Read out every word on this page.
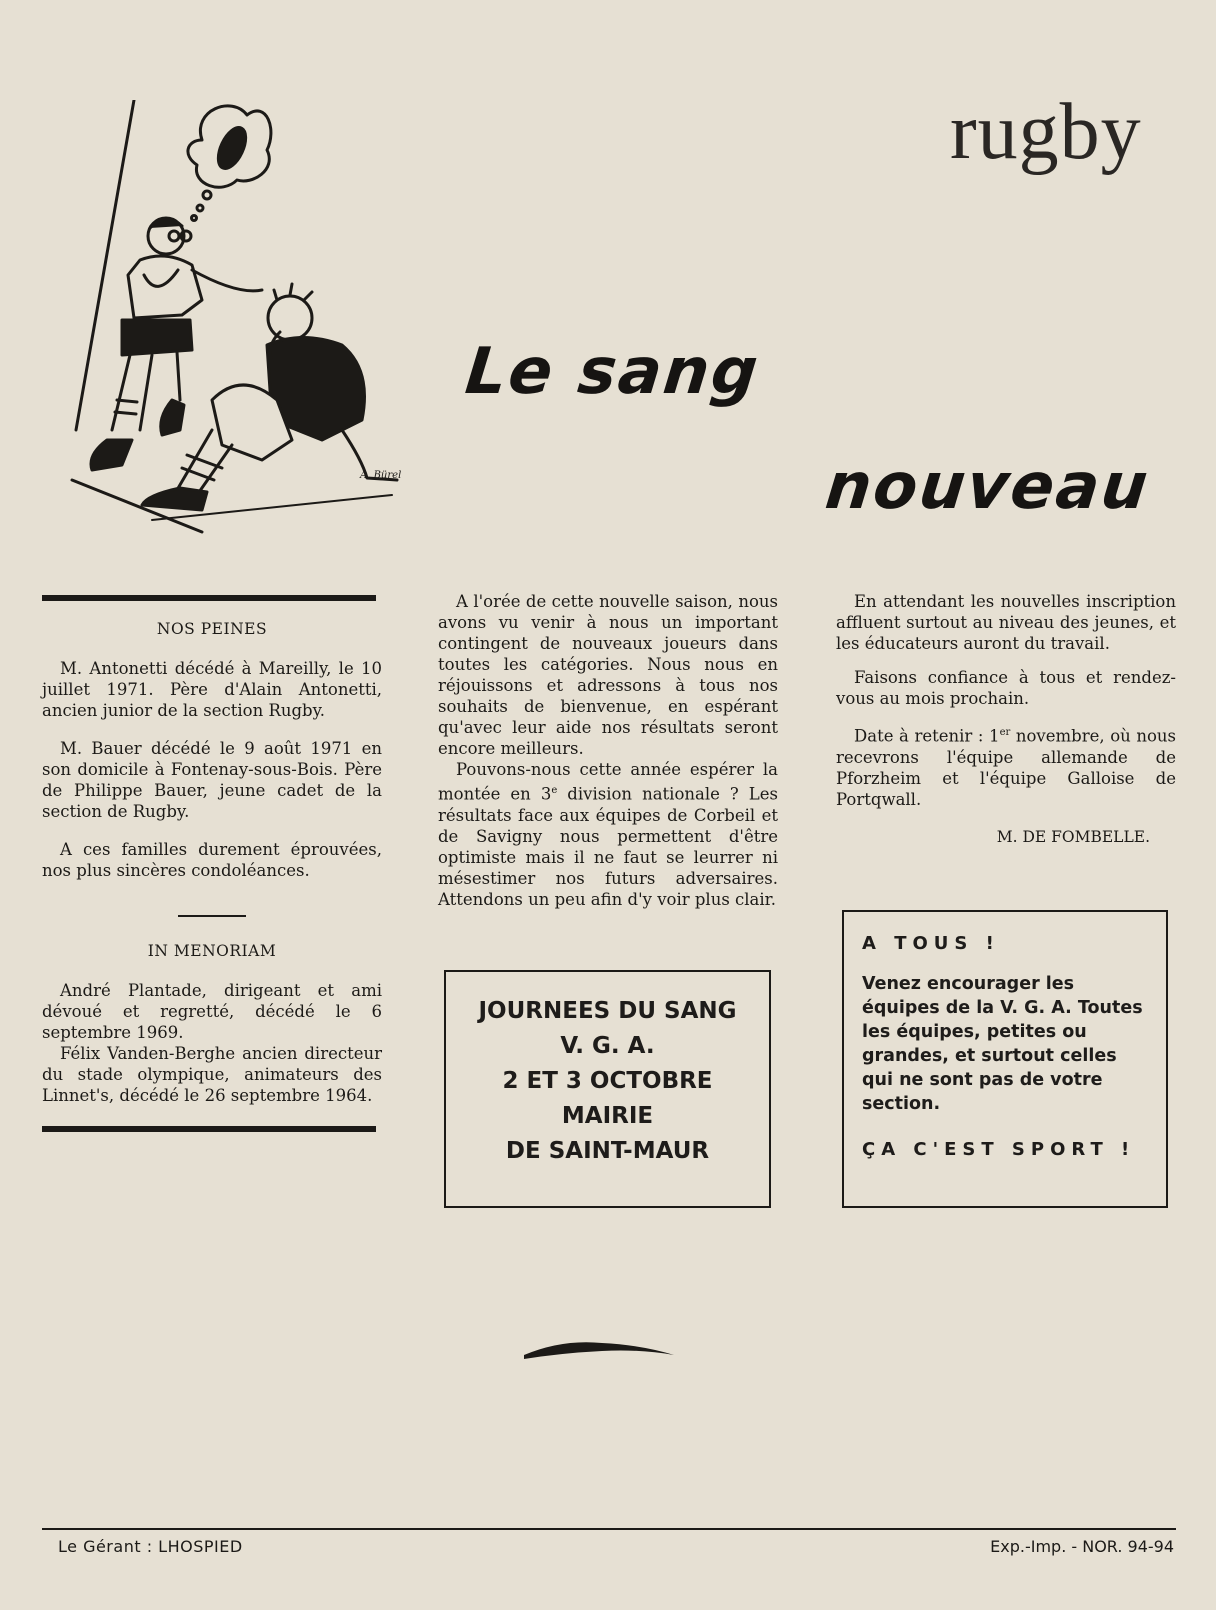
rugby
Le sang
nouveau
A. Bürel
NOS PEINES

M. Antonetti décédé à Mareilly, le 10 juillet 1971. Père d'Alain Antonetti, ancien junior de la section Rugby.

M. Bauer décédé le 9 août 1971 en son domicile à Fontenay-sous-Bois. Père de Philippe Bauer, jeune cadet de la section de Rugby.

A ces familles durement éprouvées, nos plus sincères condoléances.

IN MENORIAM

André Plantade, dirigeant et ami dévoué et regretté, décédé le 6 septembre 1969.

Félix Vanden-Berghe ancien directeur du stade olympique, animateurs des Linnet's, décédé le 26 septembre 1964.

A l'orée de cette nouvelle saison, nous avons vu venir à nous un important contingent de nouveaux joueurs dans toutes les catégories. Nous nous en réjouissons et adressons à tous nos souhaits de bienvenue, en espérant qu'avec leur aide nos résultats seront encore meilleurs.

Pouvons-nous cette année espérer la montée en 3e division nationale ? Les résultats face aux équipes de Corbeil et de Savigny nous permettent d'être optimiste mais il ne faut se leurrer ni mésestimer nos futurs adversaires. Attendons un peu afin d'y voir plus clair.

En attendant les nouvelles inscription affluent surtout au niveau des jeunes, et les éducateurs auront du travail.

Faisons confiance à tous et rendez-vous au mois prochain.

Date à retenir : 1er novembre, où nous recevrons l'équipe allemande de Pforzheim et l'équipe Galloise de Portqwall.

M. DE FOMBELLE.

JOURNEES DU SANG
V. G. A.
2 ET 3 OCTOBRE
MAIRIE
DE SAINT-MAUR
A TOUS !
Venez encourager les équipes de la V. G. A. Toutes les équipes, petites ou grandes, et surtout celles qui ne sont pas de votre section.
ÇA C'EST SPORT !
Le Gérant : LHOSPIED	Exp.-Imp. - NOR. 94-94
